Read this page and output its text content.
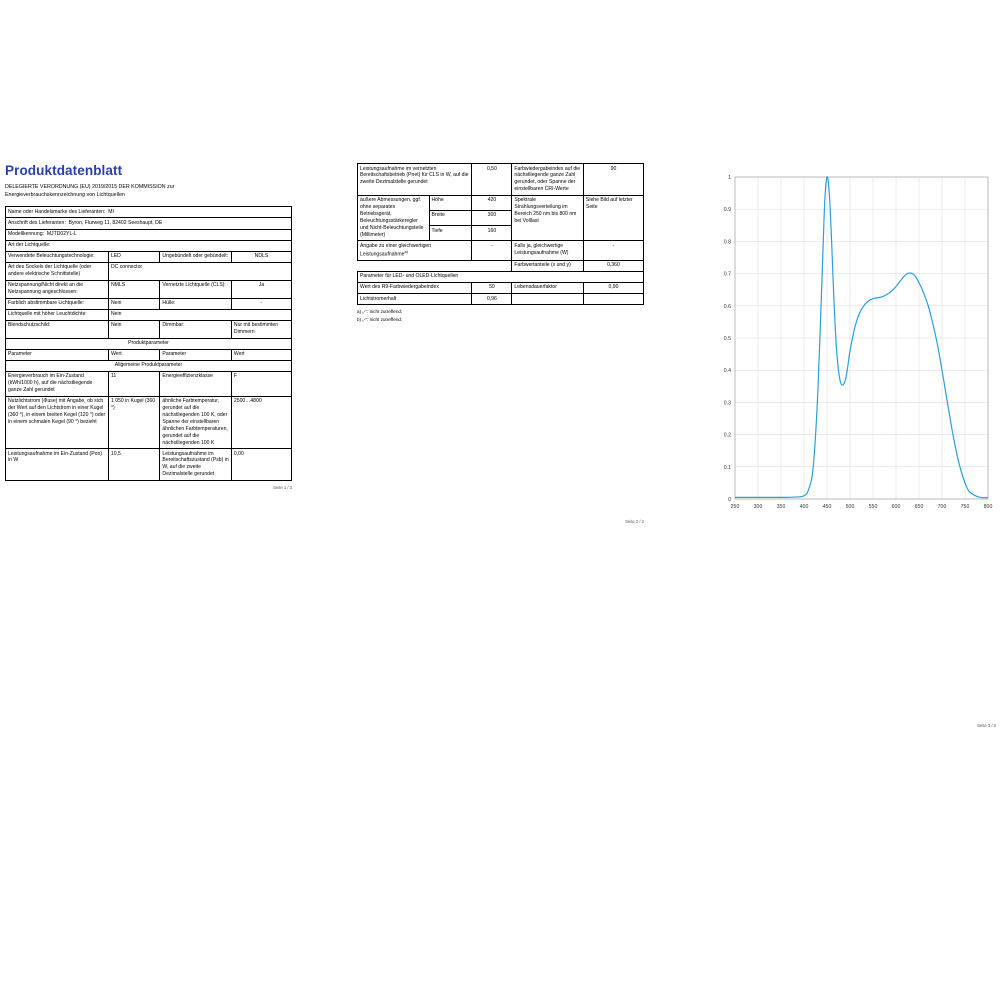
Produktdatenblatt
DELEGIERTE VERORDNUNG (EU) 2019/2015 DER KOMMISSION zur Energieverbrauchskennzeichnung von Lichtquellen
Name oder Handelsmarke des Lieferanten: MI			
Anschrift des Lieferanten: Byron, Flurweg 11, 82402 Seeshaupt, DE			
Modellkennung: MJTD02YL-L			
Art der Lichtquelle:			
Verwendete Beleuchtungstechnologie:	LED	Ungebündelt oder gebündelt:	NDLS
Art des Sockels der Lichtquelle (oder andere elektrische Schnittstelle)	DC connector		
Netzspannung/Nicht direkt an die Netzspannung angeschlossen:	NMLS	Vernetzte Lichtquelle (CLS):	Ja
Farblich abstimmbare Lichtquelle:	Nein	Hülle:	-
Lichtquelle mit höher Leuchtdichte:	Nein		
Blendschutzschild:	Nein	Dimmbar:	Nur mit bestimmten Dimmern
Produktparameter			
Parameter	Wert	Parameter	Wert
Allgemeine Produktparameter			
Energieverbrauch im Ein-Zustand (kWh/1000 h), auf die nächstliegende ganze Zahl gerundet	11	Energieeffizienzklasse	F
Nutzlichtstrom (Φuse) mit Angabe, ob sich der Wert auf den Lichtstrom in einer Kugel (360 °), in einem breiten Kegel (120 °) oder in einem schmalen Kegel (90 °) bezieht	1 050 in Kugel (360 °)	ähnliche Farbtemperatur, gerundet auf die nächstliegenden 100 K, oder Spanne der einstellbaren ähnlichen Farbtemperaturen, gerundet auf die nächstliegenden 100 K	2500…4800
Leistungsaufnahme im Ein-Zustand (Pon) in W	10,5	Leistungsaufnahme im Bereitschaftszustand (Psb) in W, auf die zweite Dezimalstelle gerundet	0,00
Seite 1 / 3
Leistungsaufnahme im vernetzten Bereitschaftsbetrieb (Pnet) für CLS in W, auf die zweite Dezimalstelle gerundet		0,50	Farbwiedergabeindex auf die nächstliegende ganze Zahl gerundet, oder Spanne der einstellbaren CRI-Werte	90
äußere Abmessungen, ggf. ohne separates Betriebsgerät, Beleuchtungsstärkeregler und Nicht-Beleuchtungsteile (Millimeter)	Höhe	420	Spektrale Strahlungsverteilung im Bereich 250 nm bis 800 nm bei Volllast	Siehe Bild auf letzter Seite
	Breite	300		
	Tiefe	160		
Angabe zu einer gleichwertigen Leistungsaufnahme$^{a)}$		-	Falls ja, gleichwertige Leistungsaufnahme (W)	-
			Farbwertanteile (x und y)	0,360
Parameter für LED- und OLED-Lichtquellen				
Wert des R9-Farbwiedergabeindex		50	Lebensdauerfaktor	0,90
Lichtstromerhalt		0,96		
a) „-": nicht zutreffend;
b) „-": nicht zutreffend;
Seite 2 / 3
250	300	350	400	450	500	550	600	650	700	750	800
0
0.1
0.2
0.3
0.4
0.5
0.6
0.7
0.8
0.9
1
Seite 3 / 3
